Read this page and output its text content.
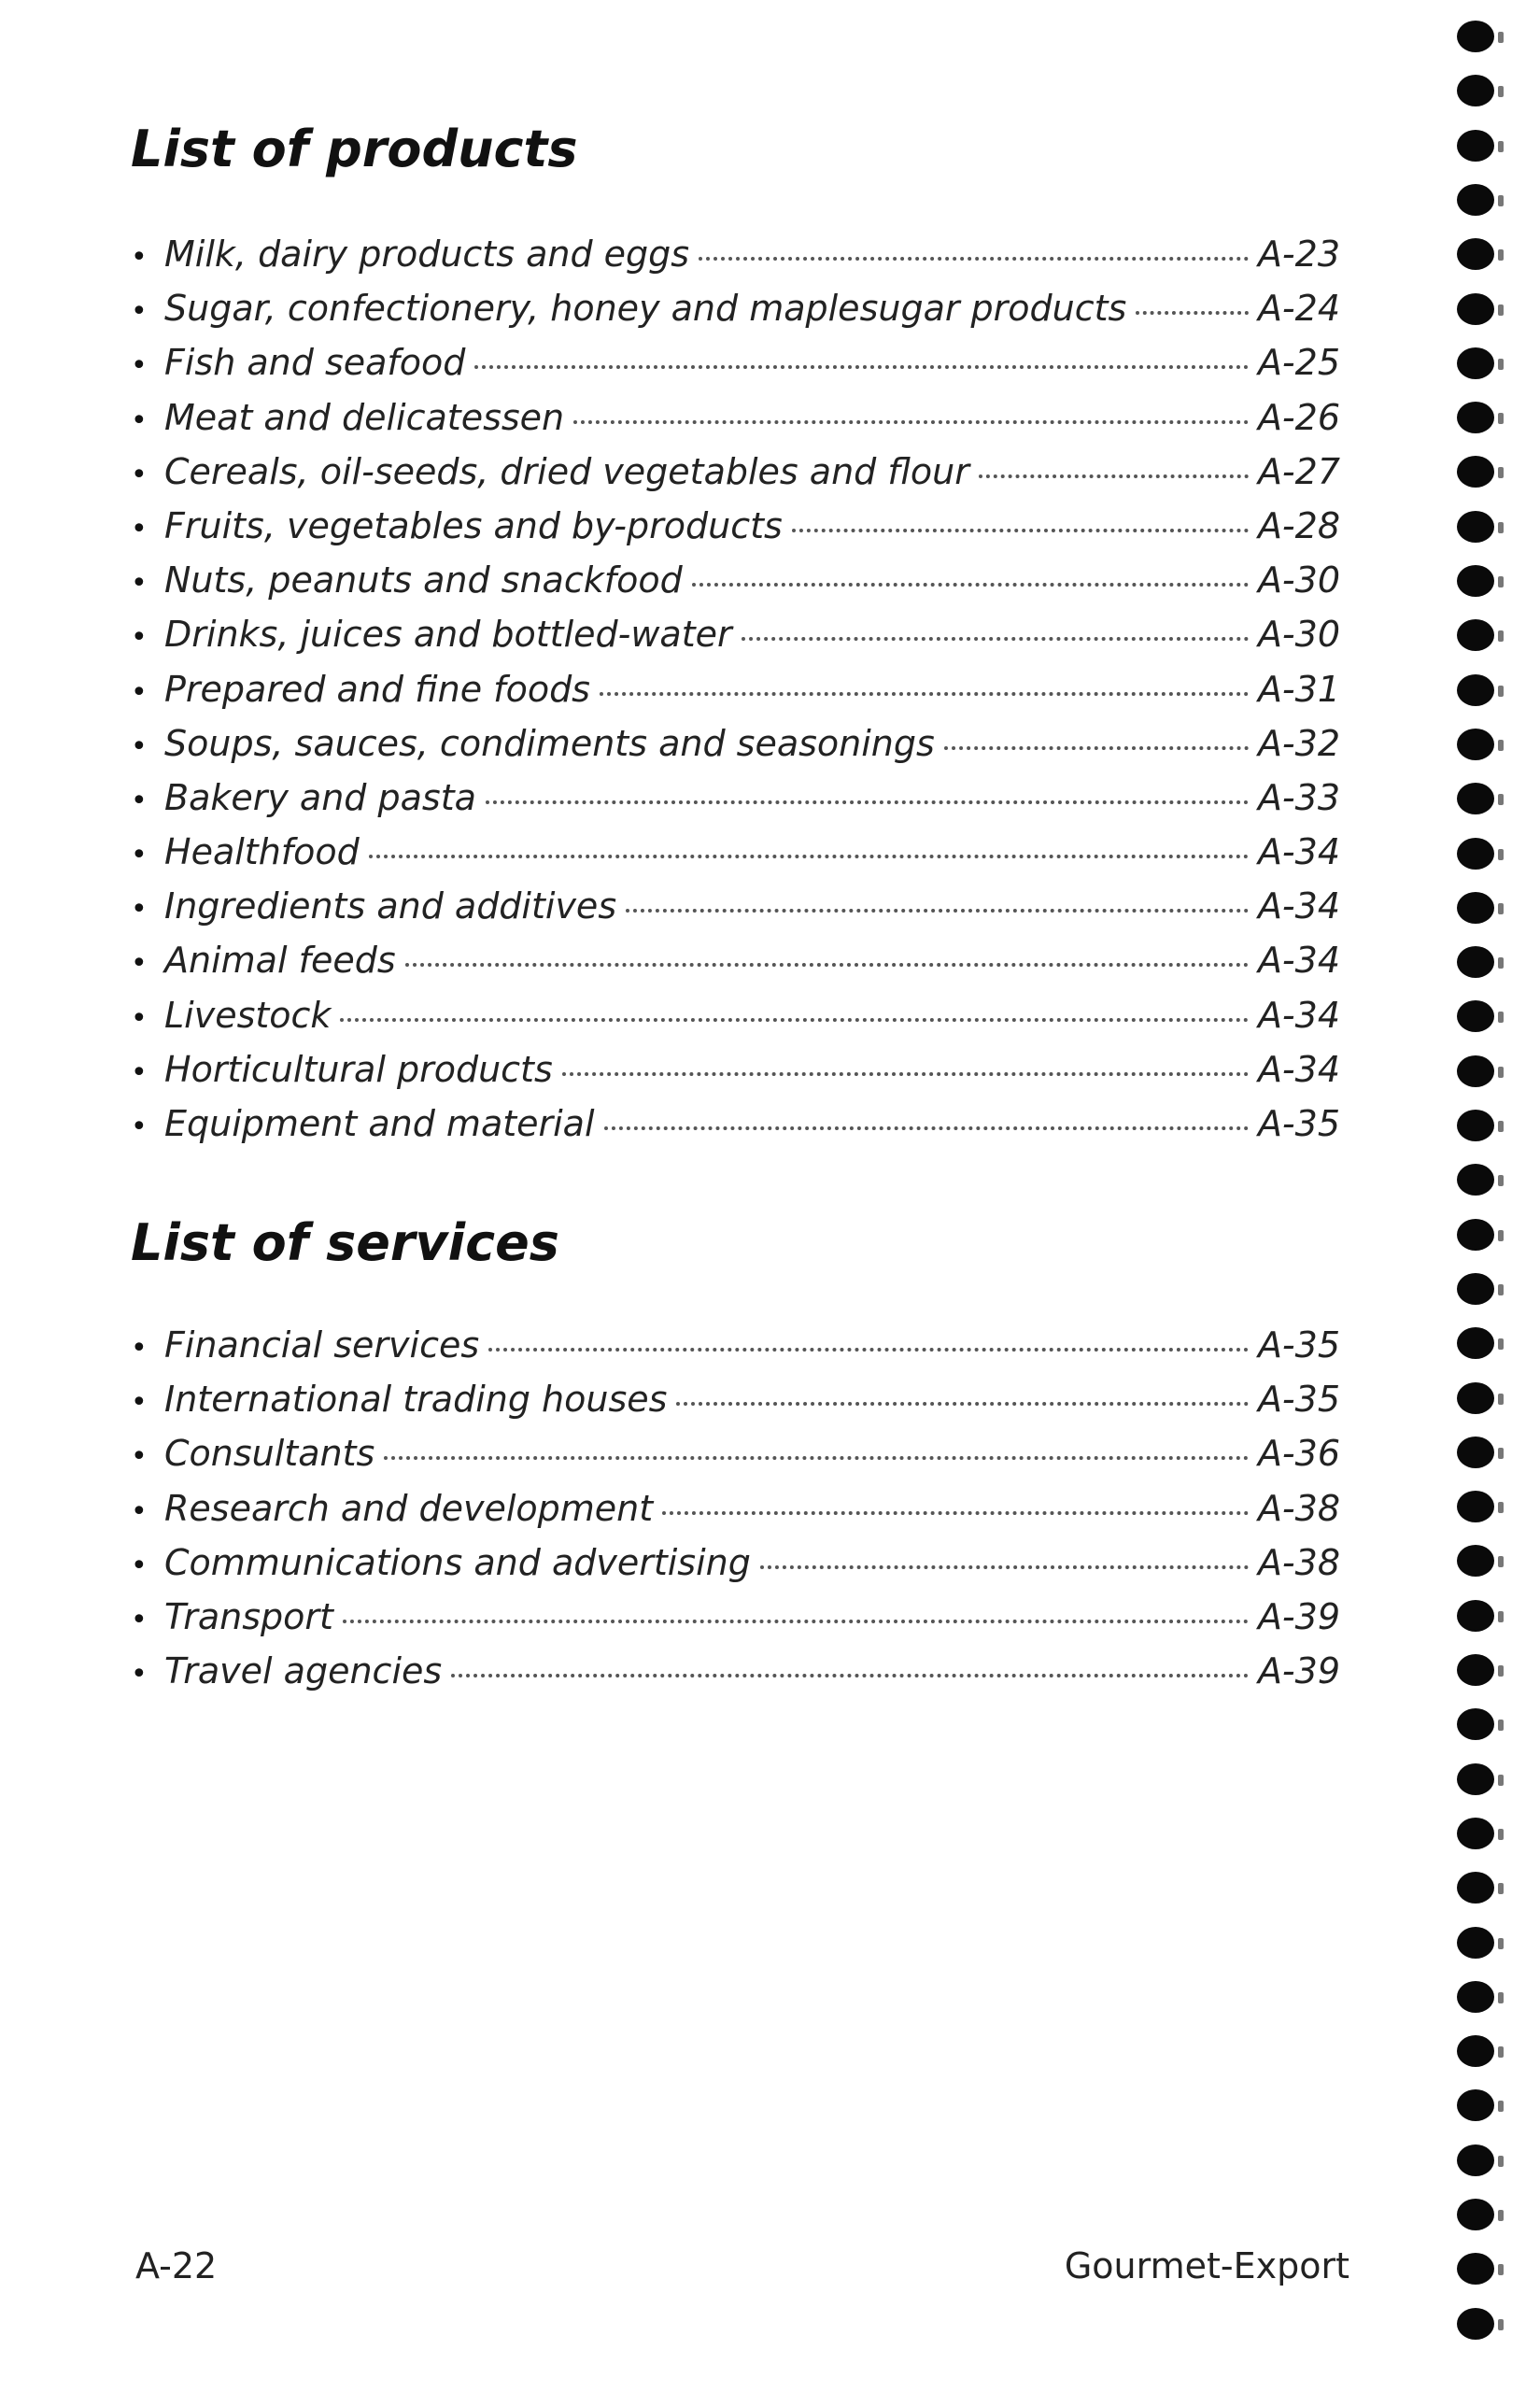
List of products
• Milk, dairy products and eggs	A-23
• Sugar, confectionery, honey and maplesugar products	A-24
• Fish and seafood	A-25
• Meat and delicatessen	A-26
• Cereals, oil-seeds, dried vegetables and flour	A-27
• Fruits, vegetables and by-products	A-28
• Nuts, peanuts and snackfood	A-30
• Drinks, juices and bottled-water	A-30
• Prepared and fine foods	A-31
• Soups, sauces, condiments and seasonings	A-32
• Bakery and pasta	A-33
• Healthfood	A-34
• Ingredients and additives	A-34
• Animal feeds	A-34
• Livestock	A-34
• Horticultural products	A-34
• Equipment and material	A-35
List of services
• Financial services	A-35
• International trading houses	A-35
• Consultants	A-36
• Research and development	A-38
• Communications and advertising	A-38
• Transport	A-39
• Travel agencies	A-39
A-22	Gourmet-Export
